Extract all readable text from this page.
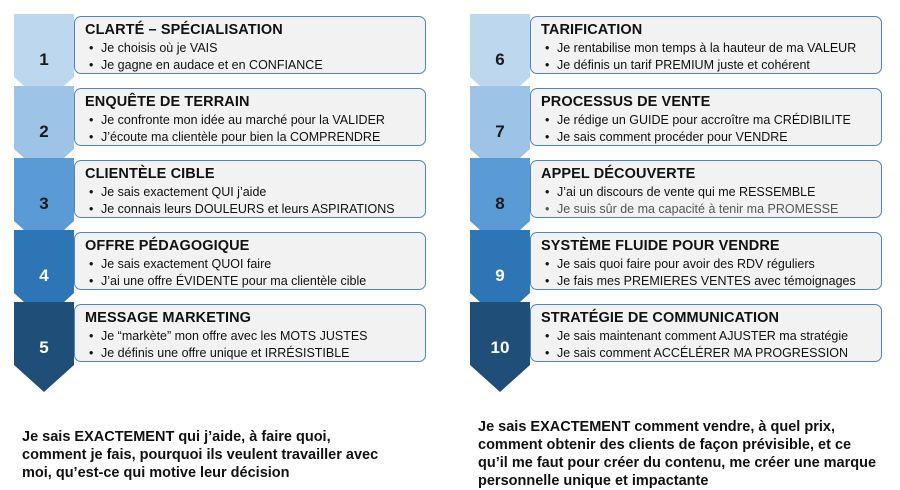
1
CLARTÉ – SPÉCIALISATION
• Je choisis où je VAIS
• Je gagne en audace et en CONFIANCE
2
ENQUÊTE DE TERRAIN
• Je confronte mon idée au marché pour la VALIDER
• J’écoute ma clientèle pour bien la COMPRENDRE
3
CLIENTÈLE CIBLE
• Je sais exactement QUI j’aide
• Je connais leurs DOULEURS et leurs ASPIRATIONS
4
OFFRE PÉDAGOGIQUE
• Je sais exactement QUOI faire
• J’ai une offre ÉVIDENTE pour ma clientèle cible
5
MESSAGE MARKETING
• Je “markète” mon offre avec les MOTS JUSTES
• Je définis une offre unique et IRRÉSISTIBLE
6
TARIFICATION
• Je rentabilise mon temps à la hauteur de ma VALEUR
• Je définis un tarif PREMIUM juste et cohérent
7
PROCESSUS DE VENTE
• Je rédige un GUIDE pour accroître ma CRÉDIBILITE
• Je sais comment procéder pour VENDRE
8
APPEL DÉCOUVERTE
• J’ai un discours de vente qui me RESSEMBLE
• Je suis sûr de ma capacité à tenir ma PROMESSE
9
SYSTÈME FLUIDE POUR VENDRE
• Je sais quoi faire pour avoir des RDV réguliers
• Je fais mes PREMIERES VENTES avec témoignages
10
STRATÉGIE DE COMMUNICATION
• Je sais maintenant comment AJUSTER ma stratégie
• Je sais comment ACCÉLÉRER MA PROGRESSION
Je sais EXACTEMENT qui j’aide, à faire quoi, comment je fais, pourquoi ils veulent travailler avec moi, qu’est-ce qui motive leur décision
Je sais EXACTEMENT comment vendre, à quel prix, comment obtenir des clients de façon prévisible, et ce qu’il me faut pour créer du contenu, me créer une marque personnelle unique et impactante
